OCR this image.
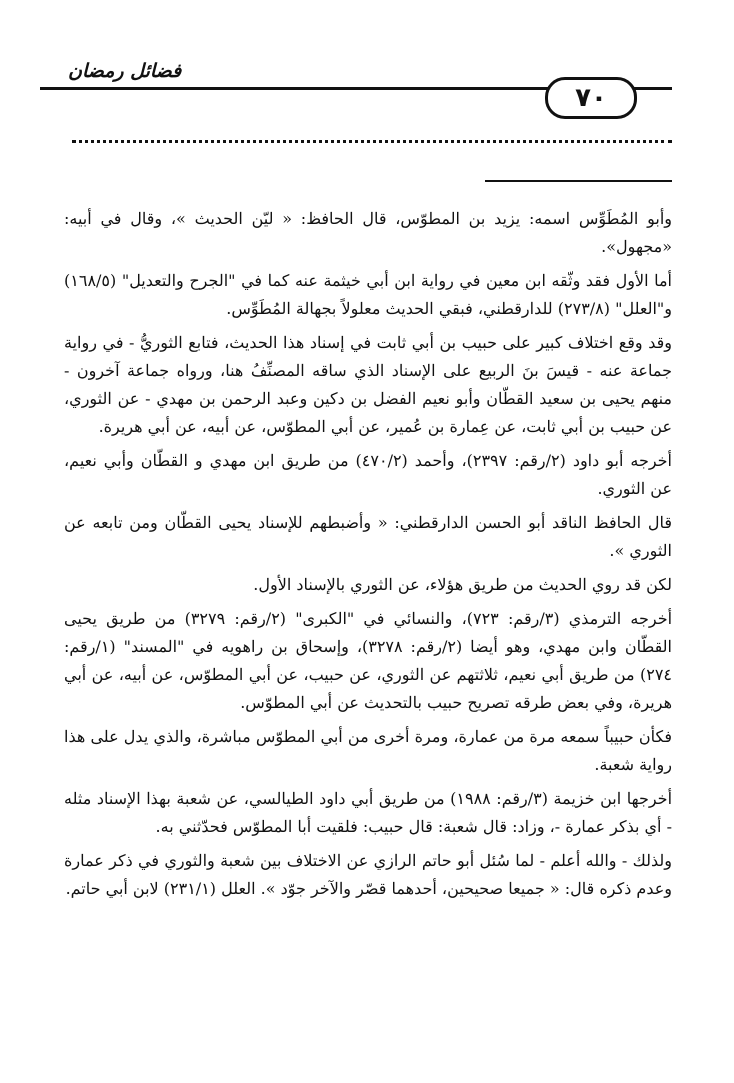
فضائل رمضان
٧٠

وأبو المُطَوِّس اسمه: يزيد بن المطوّس، قال الحافظ: « ليّن الحديث »، وقال في أبيه: «مجهول».

أما الأول فقد وثّقه ابن معين في رواية ابن أبي خيثمة عنه كما في "الجرح والتعديل" (١٦٨/٥) و"العلل" (٢٧٣/٨) للدارقطني، فبقي الحديث معلولاً بجهالة المُطَوِّس.

وقد وقع اختلاف كبير على حبيب بن أبي ثابت في إسناد هذا الحديث، فتابع الثوريُّ - في رواية جماعة عنه - قيسَ بنَ الربيع على الإسناد الذي ساقه المصنِّفُ هنا، ورواه جماعة آخرون - منهم يحيى بن سعيد القطّان وأبو نعيم الفضل بن دكين وعبد الرحمن بن مهدي - عن الثوري، عن حبيب بن أبي ثابت، عن عِمارة بن عُمير، عن أبي المطوّس، عن أبيه، عن أبي هريرة.

أخرجه أبو داود (٢/رقم: ٢٣٩٧)، وأحمد (٤٧٠/٢) من طريق ابن مهدي و القطّان وأبي نعيم، عن الثوري.

قال الحافظ الناقد أبو الحسن الدارقطني: « وأضبطهم للإسناد يحيى القطّان ومن تابعه عن الثوري ».

لكن قد روي الحديث من طريق هؤلاء، عن الثوري بالإسناد الأول.

أخرجه الترمذي (٣/رقم: ٧٢٣)، والنسائي في "الكبرى" (٢/رقم: ٣٢٧٩) من طريق يحيى القطّان وابن مهدي، وهو أيضا (٢/رقم: ٣٢٧٨)، وإسحاق بن راهويه في "المسند" (١/رقم: ٢٧٤) من طريق أبي نعيم، ثلاثتهم عن الثوري، عن حبيب، عن أبي المطوّس، عن أبيه، عن أبي هريرة، وفي بعض طرقه تصريح حبيب بالتحديث عن أبي المطوّس.

فكأن حبيباً سمعه مرة من عمارة، ومرة أخرى من أبي المطوّس مباشرة، والذي يدل على هذا رواية شعبة.

أخرجها ابن خزيمة (٣/رقم: ١٩٨٨) من طريق أبي داود الطيالسي، عن شعبة بهذا الإسناد مثله - أي بذكر عمارة -، وزاد: قال شعبة: قال حبيب: فلقيت أبا المطوّس فحدّثني به.

ولذلك - والله أعلم - لما سُئل أبو حاتم الرازي عن الاختلاف بين شعبة والثوري في ذكر عمارة وعدم ذكره قال: « جميعا صحيحين، أحدهما قصّر والآخر جوّد ». العلل (٢٣١/١) لابن أبي حاتم.
